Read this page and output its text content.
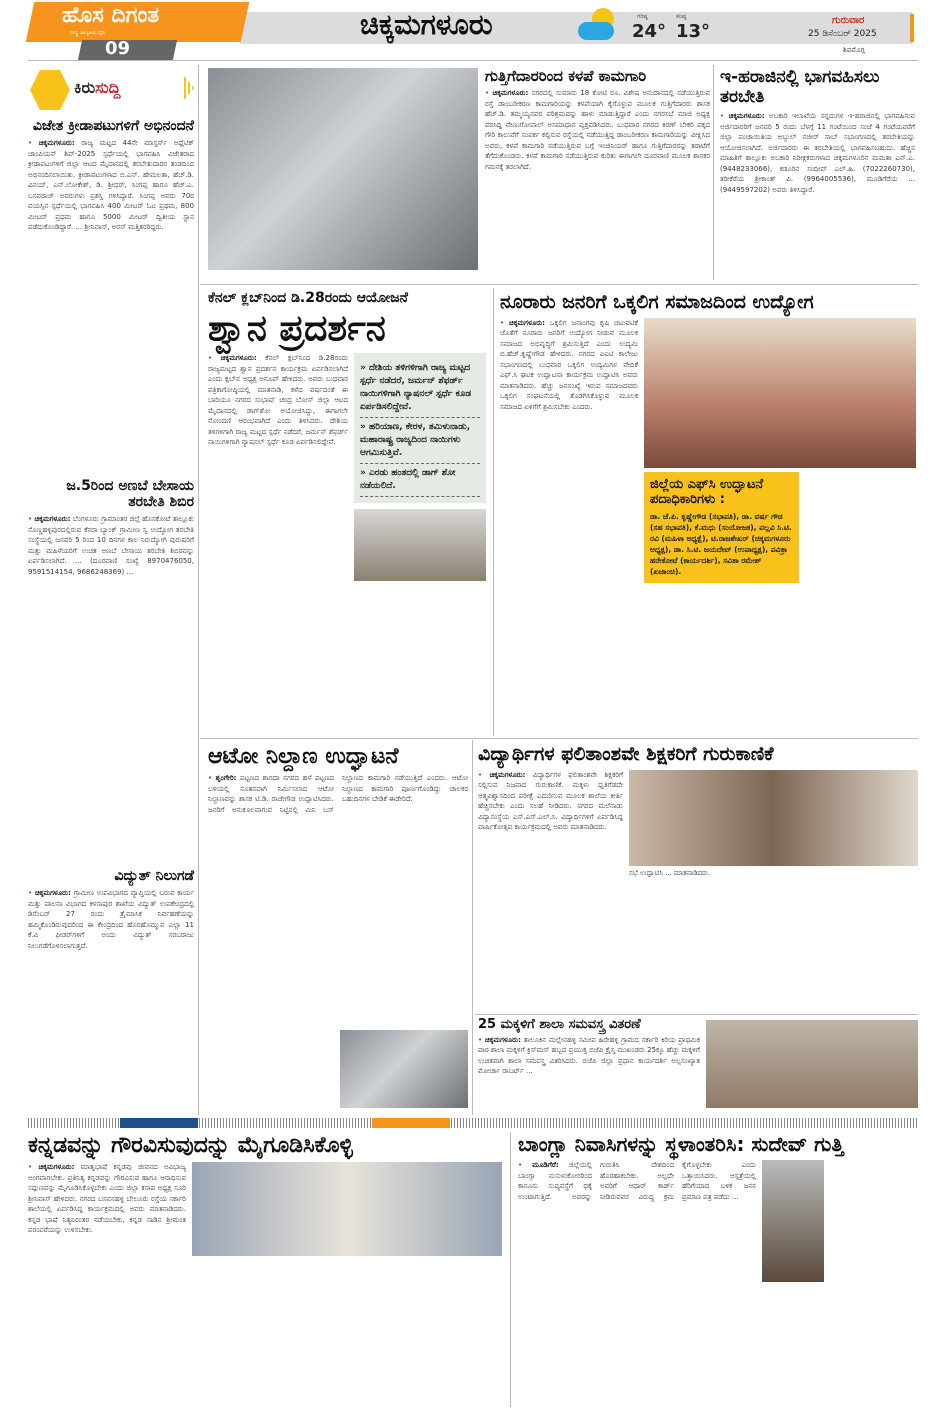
ಹೊಸ ದಿಗಂತ
ರಾಷ್ಟ್ರ ಜಾಗೃತಿಯ ಧ್ವನಿ
09
ಚಿಕ್ಕಮಗಳೂರು	ಗರಿಷ್ಠ
24°
ಕನಿಷ್ಠ
13°
ಗುರುವಾರ
25 ಡಿಸೆಂಬರ್ 2025
ಶಿವಮೊಗ್ಗ
ಕಿರುಸುದ್ದಿ
ವಿಜೇತ ಕ್ರೀಡಾಪಟುಗಳಿಗೆ ಅಭಿನಂದನೆ
• ಚಿಕ್ಕಮಗಳೂರು: ರಾಜ್ಯ ಮಟ್ಟದ 44ನೇ ಮಾಸ್ಟರ್ಸ್ ಅಥ್ಲೆಟಿಕ್ ಚಾಂಪಿಯನ್ ಶಿಪ್-2025 ಸ್ಪರ್ಧೆಯಲ್ಲಿ ಭಾಗವಹಿಸಿ ವಿಜೇತರಾದ ಕ್ರೀಡಾಪಟುಗಳಿಗೆ ಜಿಲ್ಲಾ ಆಟದ ಮೈದಾನದಲ್ಲಿ ತರಬೇತುದಾರರ ತಂಡದಿಂದ ಅಭಿನಂದಿಸಲಾಯಿತು. ಕ್ರೀಡಾಪಟುಗಳಾದ ಬಿ.ಎನ್. ಹೇಮಲತಾ, ಹೆಚ್.ಡಿ. ವಿನಯ್, ಎನ್.ಲೋಕೇಶ್, ಡಿ. ಶ್ರೀಧರ್, ಸಿಂಗಪ್ಪ ಹಾಗೂ ಹೆಚ್.ಎ. ಬಸವರಾಜ್ ಅವರುಗಳು ಪ್ರಶಸ್ತಿ ಗಳಿಸಿದ್ದಾರೆ. ಸಿಂಗಪ್ಪ ಅವರು 70ರ ವಯಸ್ಸಿನ ಸ್ಪರ್ಧೆಯಲ್ಲಿ ಭಾಗವಹಿಸಿ 400 ಮೀಟರ್ ಓಟ ಪ್ರಥಮ, 800 ಮೀಟರ್ ಪ್ರಥಮ ಹಾಗೂ 5000 ಮೀಟರ್ ದ್ವಿತೀಯ ಸ್ಥಾನ ಪಡೆದುಕೊಂಡಿದ್ದಾರೆ. ... ಶ್ರೀನಿವಾಸ್, ಅರಸ್ ಮತ್ತಿತರರಿದ್ದರು.
ಜ.5ರಿಂದ ಅಣಬೆ ಬೇಸಾಯ ತರಬೇತಿ ಶಿಬಿರ
• ಚಿಕ್ಕಮಗಳೂರು: ಬೆಂಗಳೂರು ಗ್ರಾಮಾಂತರ ಜಿಲ್ಲೆ ಹೊಸಕೋಟೆ ತಾಲ್ಲೂಕು ಸೊಣ್ಣಹಳ್ಳಿಪುರದಲ್ಲಿರುವ ಕೆನರಾ ಬ್ಯಾಂಕ್ ಗ್ರಾಮೀಣ ಸ್ವ ಉದ್ಯೋಗ ತರಬೇತಿ ಸಂಸ್ಥೆಯಲ್ಲಿ ಜನವರಿ 5 ರಿಂದ 10 ದಿನಗಳ ಕಾಲ ನಿರುದ್ಯೋಗಿ ಪುರುಷರಿಗೆ ಮತ್ತು ಮಹಿಳೆಯರಿಗೆ ಉಚಿತ ಅಣಬೆ ಬೇಸಾಯ ತರಬೇತಿ ಶಿಬಿರವನ್ನು ಏರ್ಪಡಿಸಲಾಗಿದೆ. ... (ದೂರವಾಣಿ ಸಂಖ್ಯೆ 8970476050, 9591514154, 9686248369) ...
ವಿದ್ಯುತ್ ನಿಲುಗಡೆ
• ಚಿಕ್ಕಮಗಳೂರು: ಗ್ರಾಮೀಣ ಉಪವಿಭಾಗದ ವ್ಯಾಪ್ತಿಯಲ್ಲಿ ಬರುವ ಕಾರ್ಯ ಮತ್ತು ಪಾಲನಾ ವಿಭಾಗದ ಕಳಸಾಪುರ ಶಾಖೆಯ ವಿದ್ಯುತ್ ಉಪಕೇಂದ್ರದಲ್ಲಿ ಡಿಸೆಂಬರ್ 27 ರಂದು ತ್ರೈಮಾಸಿಕ ನಿರ್ವಹಣೆಯನ್ನು ಹಮ್ಮಿಕೊಂಡಿರುವುದರಿಂದ ಈ ಕೇಂದ್ರದಿಂದ ಹೊರಹೊಮ್ಮುವ ಎಲ್ಲಾ 11 ಕೆ.ವಿ ಫೀಡರ್‌ಗಳಿಗೆ ಅಂದು ವಿದ್ಯುತ್ ಸರಬರಾಜು ನಿಲುಗಡೆಗೊಳಿಸಲಾಗುತ್ತದೆ.
ಗುತ್ತಿಗೆದಾರರಿಂದ ಕಳಪೆ ಕಾಮಗಾರಿ
• ಚಿಕ್ಕಮಗಳೂರು: ನಗರದಲ್ಲಿ ಸುಮಾರು 18 ಕೋಟಿ ರೂ. ವಿಶೇಷ ಅನುದಾನದಲ್ಲಿ ನಡೆಯುತ್ತಿರುವ ರಸ್ತೆ ಡಾಂಬರೀಕರಣ ಕಾಮಗಾರಿಯನ್ನು ಕಳಪೆಯಾಗಿ ಕೈಗೊಳ್ಳುವ ಮೂಲಕ ಗುತ್ತಿಗೆದಾರರು ಶಾಸಕ ಹೆಚ್.ಡಿ. ತಮ್ಮಯ್ಯನವರ ಪರಿಶ್ರಮವನ್ನು ಹಾಳು ಮಾಡುತ್ತಿದ್ದಾರೆ ಎಂದು ನಗರಸಭೆ ಮಾಜಿ ಅಧ್ಯಕ್ಷ ವರಸಿದ್ದಿ ವೇಣುಗೋಪಾಲ್ ಅಸಮಾಧಾನ ವ್ಯಕ್ತಪಡಿಸಿದರು. ಬುಧವಾರ ನಗರದ ಕಿರಣ್ ಬೇಕರಿ ಪಕ್ಕದ ಗೌರಿ ಕಾಲುವೆಗೆ ಸಂಪರ್ಕ ಕಲ್ಪಿಸುವ ರಸ್ತೆಯಲ್ಲಿ ನಡೆಯುತ್ತಿದ್ದ ಡಾಂಬರೀಕರಣ ಕಾಮಗಾರಿಯನ್ನು ವೀಕ್ಷಿಸಿದ ಅವರು, ಕಳಪೆ ಕಾಮಗಾರಿ ನಡೆಯುತ್ತಿರುವ ಬಗ್ಗೆ ಇಂಜಿನಿಯರ್ ಹಾಗೂ ಗುತ್ತಿಗೆದಾರರನ್ನು ತರಾಟೆಗೆ ತೆಗೆದುಕೊಂಡರು. ಕಳಪೆ ಕಾಮಗಾರಿ ನಡೆಯುತ್ತಿರುವ ಕುರಿತು ಈಗಾಗಲೇ ದೂರವಾಣಿ ಮೂಲಕ ಶಾಸಕರ ಗಮನಕ್ಕೆ ತರಲಾಗಿದೆ.
ಇ-ಹರಾಜಿನಲ್ಲಿ ಭಾಗವಹಿಸಲು ತರಬೇತಿ
• ಚಿಕ್ಕಮಗಳೂರು: ಅಬಕಾರಿ ಇಲಾಖೆಯ ಸನ್ನದುಗಳ ಇ-ಹರಾಜಿನಲ್ಲಿ ಭಾಗವಹಿಸುವ ಅರ್ಜಿದಾರರಿಗೆ ಜನವರಿ 5 ರಂದು ಬೆಳಗ್ಗೆ 11 ಗಂಟೆಯಿಂದ ಸಂಜೆ 4 ಗಂಟೆಯವರೆಗೆ ಜಿಲ್ಲಾ ಪಂಚಾಯಿತಿಯ ಅಬ್ದುಲ್ ನಜೀರ್ ಸಾಬ್ ಸಭಾಂಗಣದಲ್ಲಿ ತರಬೇತಿಯನ್ನು ಆಯೋಜಿಸಲಾಗಿದೆ. ಅರ್ಜಿದಾರರು ಈ ತರಬೇತಿಯಲ್ಲಿ ಭಾಗವಹಿಸಬಹುದು. ಹೆಚ್ಚಿನ ಮಾಹಿತಿಗೆ ತಾಲ್ಲೂಕು ಅಬಕಾರಿ ನಿರೀಕ್ಷಕರುಗಳಾದ ಚಿಕ್ಕಮಗಳೂರಿನ ಮಮತಾ ಎನ್.ಎ. (9448233066), ಕಡೂರಿನ ಸಂದೀಪ್ ಎಲ್.ಹಿ. (7022260730), ತರೀಕೆರೆಯ ಶ್ರೀಕಾಂತ್ ಪಿ. (9964005536), ಮೂಡಿಗೆರೆಯ ... (9449597202) ಅವರು ತಿಳಿಸಿದ್ದಾರೆ.
ಕೆನಲ್ ಕ್ಲಬ್‌ನಿಂದ ಡಿ.28ರಂದು ಆಯೋಜನೆ
ಶ್ವಾನ ಪ್ರದರ್ಶನ
• ಚಿಕ್ಕಮಗಳೂರು: ಕೆನಲ್ ಕ್ಲಬ್‌ನಿಂದ ಡಿ.28ರಂದು ರಾಜ್ಯಮಟ್ಟದ ಶ್ವಾನ ಪ್ರದರ್ಶನ ಕಾರ್ಯಕ್ರಮ ಏರ್ಪಡಿಸಲಾಗಿದೆ ಎಂದು ಕ್ಲಬ್‌ನ ಅಧ್ಯಕ್ಷ ಅನೂಪ್ ಹೇಳಿದರು. ಅವರು ಬುಧವಾರ ಪತ್ರಿಕಾಗೋಷ್ಠಿಯಲ್ಲಿ ಮಾತನಾಡಿ, ಕಳೆದ ವರ್ಷದಂತೆ ಈ ಬಾರಿಯೂ ನಗರದ ಸುಭಾಷ್ ಚಂದ್ರ ಬೋಸ್ ಜಿಲ್ಲಾ ಆಟದ ಮೈದಾನದಲ್ಲಿ ಡಾಗ್‌ಶೋ ಆಯೋಜಿಸಿದ್ದು, ಈಗಾಗಲೇ ನೋಂದಣಿ ಆರಂಭವಾಗಿದೆ ಎಂದು ತಿಳಿಸಿದರು. ದೇಶಿಯ ತಳಿಗಳಿಗಾಗಿ ರಾಜ್ಯ ಮಟ್ಟದ ಸ್ಪರ್ಧೆ ನಡೆದರೆ, ಜರ್ಮನ್ ಶೆಫರ್ಡ್ ನಾಯಿಗಳಿಗಾಗಿ ನ್ಯಾಷನಲ್ ಸ್ಪರ್ಧೆ ಕೂಡ ಏರ್ಪಡಿಸಲಿದ್ದೇವೆ.
» ದೇಶಿಯ ತಳಿಗಳಿಗಾಗಿ ರಾಜ್ಯ ಮಟ್ಟದ ಸ್ಪರ್ಧೆ ನಡೆದರೆ, ಜರ್ಮನ್ ಶೆಫರ್ಡ್ ನಾಯಿಗಳಿಗಾಗಿ ನ್ಯಾಷನಲ್ ಸ್ಪರ್ಧೆ ಕೂಡ ಏರ್ಪಡಿಸಲಿದ್ದೇವೆ.
» ಹರಿಯಾಣ, ಕೇರಳ, ತಮಿಳುನಾಡು, ಮಹಾರಾಷ್ಟ್ರ ರಾಜ್ಯದಿಂದ ನಾಯಿಗಳು ಆಗಮಿಸುತ್ತಿವೆ.
» ಎರಡು ಹಂತದಲ್ಲಿ ಡಾಗ್ ಶೋ ನಡೆಯಲಿದೆ.
ನೂರಾರು ಜನರಿಗೆ ಒಕ್ಕಲಿಗ ಸಮಾಜದಿಂದ ಉದ್ಯೋಗ
• ಚಿಕ್ಕಮಗಳೂರು: ಒಕ್ಕಲಿಗ ಜನಾಂಗವು ಕೃಷಿ ಚಟುವಟಿಕೆ ಜೊತೆಗೆ ನೂರಾರು ಜನರಿಗೆ ಉದ್ಯೋಗ ನೀಡುವ ಮೂಲಕ ಸಮಾಜದ ಅಭಿವೃದ್ಧಿಗೆ ಶ್ರಮಿಸುತ್ತಿದೆ ಎಂದು ಉದ್ಯಮಿ ಬಿ.ಹೆಚ್.ಕೃಷ್ಣೇಗೌಡ ಹೇಳಿದರು. ನಗರದ ಎಐಟಿ ಕಾಲೇಜು ಸಭಾಂಗಣದಲ್ಲಿ ಬುಧವಾರ ಒಕ್ಕಲಿಗ ಉದ್ಯಮಿಗಳ ವೇದಿಕೆ ಎಫ್.ಸಿ ಘಟಕ ಉದ್ಘಾಟನಾ ಕಾರ್ಯಕ್ರಮ ಉದ್ಘಾಟಿಸಿ ಅವರು ಮಾತನಾಡಿದರು. ಹೆಚ್ಚು ಜನಸಂಖ್ಯೆ ಇರುವ ಸಮಾಜದವರು ಒಕ್ಕಲಿಗ ಸಂಘಟನೆಯಲ್ಲಿ ತೊಡಗಿಸಿಕೊಳ್ಳುವ ಮೂಲಕ ಸಮಾಜದ ಏಳಿಗೆಗೆ ಶ್ರಮಿಸಬೇಕು ಎಂದರು.
ಜಿಲ್ಲೆಯ ಎಫ್‌ಸಿ ಉದ್ಘಾಟನೆ ಪದಾಧಿಕಾರಿಗಳು :
ಡಾ. ಜೆ.ಪಿ. ಕೃಷ್ಣೇಗೌಡ (ಸಭಾಪತಿ), ಡಾ. ವರ್ಷ ಗೌಡ (ಸಹ ಸಭಾಪತಿ), ಕೆ.ಮಧು (ಸಂಯೋಜಕ), ಪಲ್ಲವಿ ಸಿ.ಟಿ. ರವಿ (ಮಹಿಳಾ ಅಧ್ಯಕ್ಷೆ), ಟಿ.ರಾಜಶೇಖರ್ (ಚಿಕ್ಕಮಗಳೂರು ಅಧ್ಯಕ್ಷ), ಡಾ. ಸಿ.ಟಿ. ಜಯದೇವ್ (ಉಪಾಧ್ಯಕ್ಷ), ಪವಿತ್ರಾ ಹರೇಕೋಟೆ (ಕಾರ್ಯದರ್ಶಿ), ಸವಿತಾ ರಮೇಶ್ (ಖಜಾಂಚಿ).
ಆಟೋ ನಿಲ್ದಾಣ ಉದ್ಘಾಟನೆ
• ಶೃಂಗೇರಿ: ಪಟ್ಟಣದ ಶಾರದಾ ನಗರದ ಹಳೆ ಪಟ್ಟಣದ ಬಳಿಯಲ್ಲಿ ನೂತನವಾಗಿ ನಿರ್ಮಿಸಲಾದ ಆಟೋ ನಿಲ್ದಾಣವನ್ನು ಶಾಸಕ ಟಿ.ಡಿ. ರಾಜೇಗೌಡ ಉದ್ಘಾಟಿಸಿದರು. ಜನರಿಗೆ ಅನುಕೂಲವಾಗುವ ನಿಟ್ಟಿನಲ್ಲಿ ಮಿನಿ ಬಸ್ ನಿಲ್ದಾಣದ ಕಾಮಗಾರಿ ನಡೆಯುತ್ತಿದೆ ಎಂದರು. ಆಟೋ ನಿಲ್ದಾಣದ ಕಾಮಗಾರಿ ಪೂರ್ಣಗೊಂಡಿದ್ದು ಚಾಲಕರ ಬಹುದಿನಗಳ ಬೇಡಿಕೆ ಈಡೇರಿದೆ.
ವಿದ್ಯಾರ್ಥಿಗಳ ಫಲಿತಾಂಶವೇ ಶಿಕ್ಷಕರಿಗೆ ಗುರುಕಾಣಿಕೆ
• ಚಿಕ್ಕಮಗಳೂರು: ವಿದ್ಯಾರ್ಥಿಗಳ ಫಲಿತಾಂಶವೇ ಶಿಕ್ಷಕರಿಗೆ ಸಲ್ಲಿಸುವ ನಿಜವಾದ ಗುರುಕಾಣಿಕೆ. ಮಕ್ಕಳು ಧೃತಿಗೆಡದೇ ಆತ್ಮವಿಶ್ವಾಸದಿಂದ ಪರೀಕ್ಷೆ ಎದುರಿಸುವ ಮೂಲಕ ಶಾಲೆಯ ಕೀರ್ತಿ ಹೆಚ್ಚಿಸಬೇಕು ಎಂದು ಸಲಹೆ ನೀಡಿದರು. ನಗರದ ಮಲೆನಾಡು ವಿದ್ಯಾಸಂಸ್ಥೆಯ ಎಸ್.ಎಸ್.ಎಲ್.ಸಿ. ವಿದ್ಯಾರ್ಥಿಗಳಿಗೆ ಏರ್ಪಡಿಸಿದ್ದ ವಾರ್ಷಿಕೋತ್ಸವ ಕಾರ್ಯಕ್ರಮದಲ್ಲಿ ಅವರು ಮಾತನಾಡಿದರು.
ಸಭೆ ಉದ್ಘಾಟಿಸಿ ... ಮಾತನಾಡಿದರು.
25 ಮಕ್ಕಳಿಗೆ ಶಾಲಾ ಸಮವಸ್ತ್ರ ವಿತರಣೆ
• ಚಿಕ್ಕಮಗಳೂರು: ತಾಲೂಕಿನ ಮಲ್ಲೇನಹಳ್ಳಿ ಸಮೀಪ ಹಿರೇಹಳ್ಳಿ ಗ್ರಾಮದ ಸರ್ಕಾರಿ ಕಿರಿಯ ಪ್ರಾಥಮಿಕ ಪಾಠ ಶಾಲಾ ಮಕ್ಕಳಿಗೆ ಕ್ರಿಸ್‌ಮಸ್ ಹಬ್ಬದ ಪ್ರಯುಕ್ತ ಬಿಜೆಪಿ ಕ್ರೈಸ್ತ ಮುಖಂಡರು 25ಕ್ಕೂ ಹೆಚ್ಚು ಮಕ್ಕಳಿಗೆ ಉಚಿತವಾಗಿ ಶಾಲಾ ಸಮವಸ್ತ್ರ ವಿತರಿಸಿದರು. ಬಿಜೆಪಿ ಜಿಲ್ಲಾ ಪ್ರಧಾನ ಕಾರ್ಯದರ್ಶಿ ಅಲ್ಪಸಂಖ್ಯಾತ ಮೋರ್ಚಾ ರಾಬರ್ಟ್ ...
ಕನ್ನಡವನ್ನು ಗೌರವಿಸುವುದನ್ನು ಮೈಗೂಡಿಸಿಕೊಳ್ಳಿ
• ಚಿಕ್ಕಮಗಳೂರು: ಮಾತೃಭಾಷೆ ಕನ್ನಡವು ಜೀವನದ ಅವಿಭಾಜ್ಯ ಅಂಗವಾಗಬೇಕು. ಪ್ರತಿನಿತ್ಯ ಕನ್ನಡವನ್ನು ಗೌರವಿಸುವ ಹಾಗೂ ಆರಾಧಿಸುವ ಸದ್ಗುಣವನ್ನು ಮೈಗೂಡಿಸಿಕೊಳ್ಳಬೇಕು ಎಂದು ಜಿಲ್ಲಾ ಕಸಾಪ ಅಧ್ಯಕ್ಷ ಸೂರಿ ಶ್ರೀನಿವಾಸ್ ಹೇಳಿದರು. ನಗರದ ಬಸವನಹಳ್ಳಿ ಬೇಲೂರು ರಸ್ತೆಯ ಸರ್ಕಾರಿ ಶಾಲೆಯಲ್ಲಿ ಏರ್ಪಡಿಸಿದ್ದ ಕಾರ್ಯಕ್ರಮದಲ್ಲಿ ಅವರು ಮಾತನಾಡಿದರು. ಕನ್ನಡ ಭಾಷೆ ನಿತ್ಯನಿರಂತರ ನಡೆಯಬೇಕು, ಕನ್ನಡ ನಾಡಿನ ಶ್ರೀಮಂತ ಪರಂಪರೆಯನ್ನು ಉಳಿಸಬೇಕು.
ಬಾಂಗ್ಲಾ ನಿವಾಸಿಗಳನ್ನು ಸ್ಥಳಾಂತರಿಸಿ: ಸುದೇವ್ ಗುತ್ತಿ
• ಮೂಡಿಗೆರೆ: ಜಿಲ್ಲೆಯಲ್ಲಿ ಬಾಂಗ್ಲಾ ನುಸುಳುಕೋರರಿಂದ ಕಾನೂನು ಸುವ್ಯವಸ್ಥೆಗೆ ಧಕ್ಕೆ ಉಂಟಾಗುತ್ತಿದೆ. ಅವರನ್ನು ಗುರುತಿಸಿ ದೇಶದಿಂದ ಹೊರಹಾಕಬೇಕು. ಅಲ್ಲದೇ ಅವರಿಗೆ ಆಧಾರ್ ಕಾರ್ಡ್ ನೀಡಿರುವವರ ವಿರುದ್ಧ ಕ್ರಮ ಕೈಗೊಳ್ಳಬೇಕು ಎಂದು ಒತ್ತಾಯಿಸಿದರು. ಆಸ್ಪತ್ರೆಯಲ್ಲಿ ಹೆರಿಗೆಯಾದ ಬಳಿಕ ಜನನ ಪ್ರಮಾಣ ಪತ್ರ ಪಡೆದು ...
